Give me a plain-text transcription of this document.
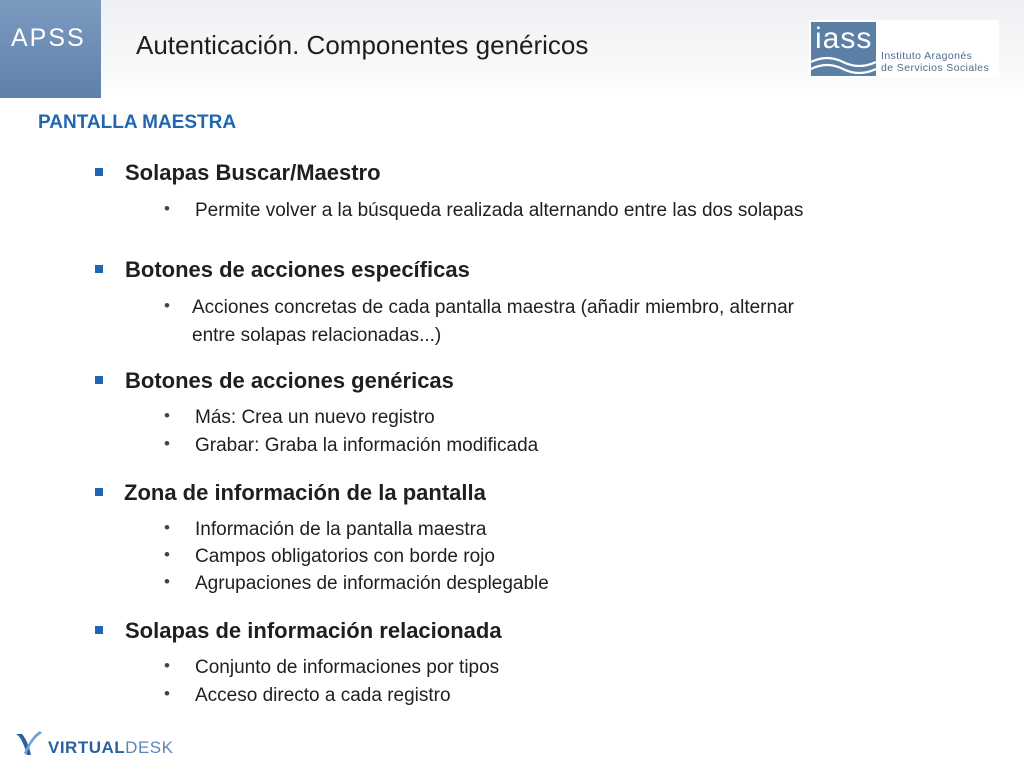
APSS Autenticación. Componentes genéricos	iass
Instituto Aragonés
de Servicios Sociales
PANTALLA MAESTRA
Solapas Buscar/Maestro
• Permite volver a la búsqueda realizada alternando entre las dos solapas
Botones de acciones específicas
• Acciones concretas de cada pantalla maestra (añadir miembro, alternar
entre solapas relacionadas...)
Botones de acciones genéricas
• Más: Crea un nuevo registro
• Grabar: Graba la información modificada
Zona de información de la pantalla
• Información de la pantalla maestra
• Campos obligatorios con borde rojo
• Agrupaciones de información desplegable
Solapas de información relacionada
• Conjunto de informaciones por tipos
• Acceso directo a cada registro
VIRTUALDESK
